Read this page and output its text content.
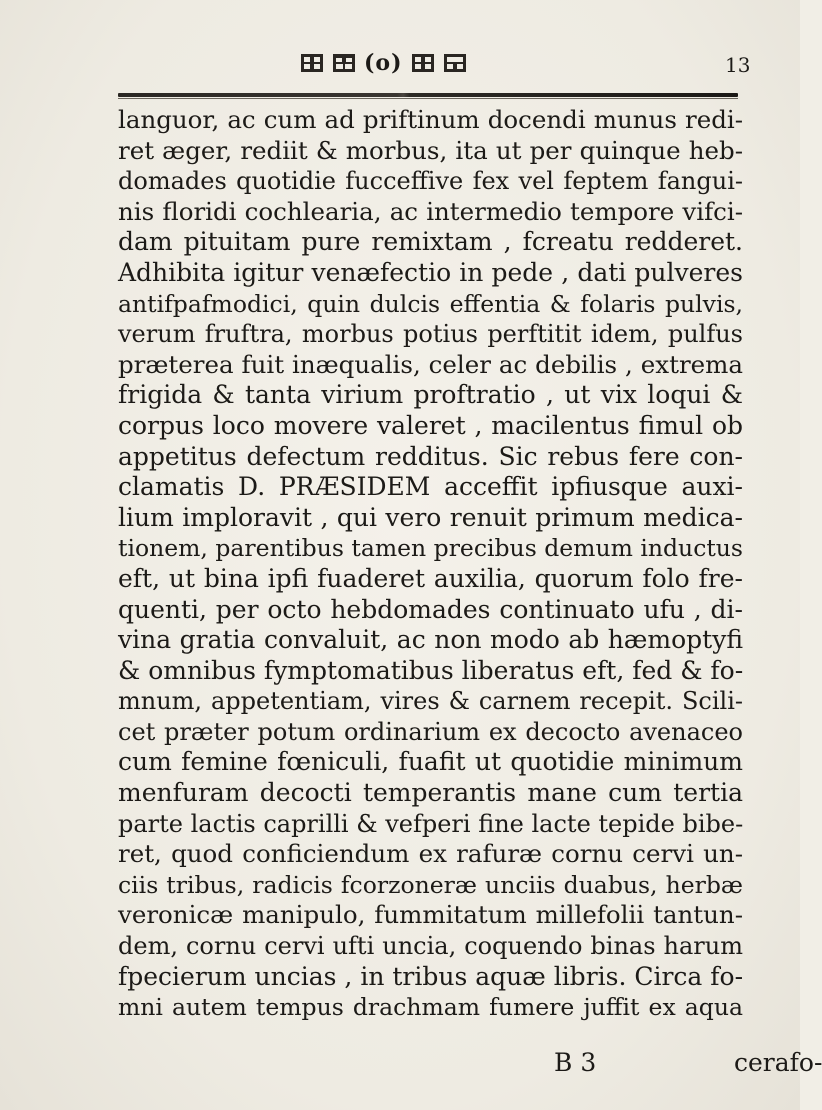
(o)	13
languor, ac cum ad priftinum docendi munus redi-
ret æger, rediit & morbus, ita ut per quinque heb-
domades quotidie fucceffive fex vel feptem fangui-
nis floridi cochlearia, ac intermedio tempore vifci-
dam pituitam pure remixtam , fcreatu redderet.
Adhibita igitur venæfectio in pede , dati pulveres
antifpafmodici, quin dulcis effentia & folaris pulvis,
verum fruftra, morbus potius perftitit idem, pulfus
præterea fuit inæqualis, celer ac debilis , extrema
frigida & tanta virium proftratio , ut vix loqui &
corpus loco movere valeret , macilentus fimul ob
appetitus defectum redditus. Sic rebus fere con-
clamatis D. PRÆSIDEM acceffit ipfiusque auxi-
lium imploravit , qui vero renuit primum medica-
tionem, parentibus tamen precibus demum inductus
eft, ut bina ipfi fuaderet auxilia, quorum folo fre-
quenti, per octo hebdomades continuato ufu , di-
vina gratia convaluit, ac non modo ab hæmoptyfi
& omnibus fymptomatibus liberatus eft, fed & fo-
mnum, appetentiam, vires & carnem recepit. Scili-
cet præter potum ordinarium ex decocto avenaceo
cum femine fœniculi, fuafit ut quotidie minimum
menfuram decocti temperantis mane cum tertia
parte lactis caprilli & vefperi fine lacte tepide bibe-
ret, quod conficiendum ex rafuræ cornu cervi un-
ciis tribus, radicis fcorzoneræ unciis duabus, herbæ
veronicæ manipulo, fummitatum millefolii tantun-
dem, cornu cervi ufti uncia, coquendo binas harum
fpecierum uncias , in tribus aquæ libris. Circa fo-
mni autem tempus drachmam fumere juffit ex aqua
B 3	cerafo-
